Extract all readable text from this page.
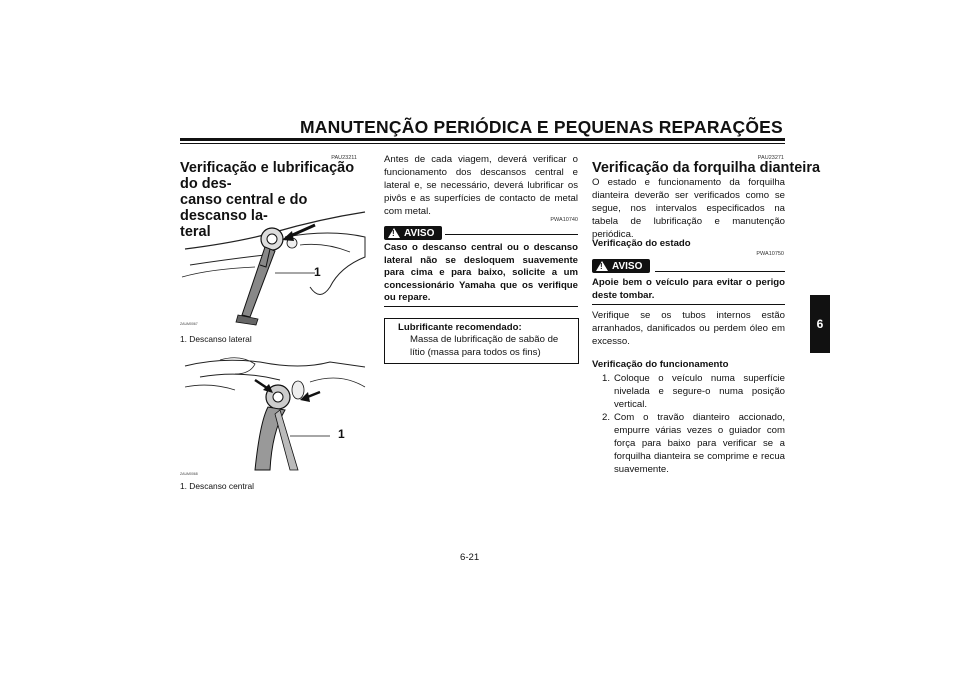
MANUTENÇÃO PERIÓDICA E PEQUENAS REPARAÇÕES
6
PAU23211
Verificação e lubrificação do des-
canso central e do descanso la-
teral
1
ZAUM0067
1. Descanso lateral
1
ZAUM0068
1. Descanso central
Antes de cada viagem, deverá verificar o funcionamento dos descansos central e lateral e, se necessário, deverá lubrificar os pivôs e as superfícies de contacto de metal com metal.
PWA10740
!
AVISO
Caso o descanso central ou o descanso lateral não se desloquem suavemente para cima e para baixo, solicite a um concessionário Yamaha que os verifique ou repare.
Lubrificante recomendado:
Massa de lubrificação de sabão de lítio (massa para todos os fins)
PAU23271
Verificação da forquilha dianteira
O estado e funcionamento da forquilha dianteira deverão ser verificados como se segue, nos intervalos especificados na tabela de lubrificação e manutenção periódica.
Verificação do estado
PWA10750
!
AVISO
Apoie bem o veículo para evitar o perigo deste tombar.
Verifique se os tubos internos estão arranhados, danificados ou perdem óleo em excesso.
Verificação do funcionamento
1. Coloque o veículo numa superfície nivelada e segure-o numa posição vertical.
2. Com o travão dianteiro accionado, empurre várias vezes o guiador com força para baixo para verificar se a forquilha dianteira se comprime e recua suavemente.
6-21
